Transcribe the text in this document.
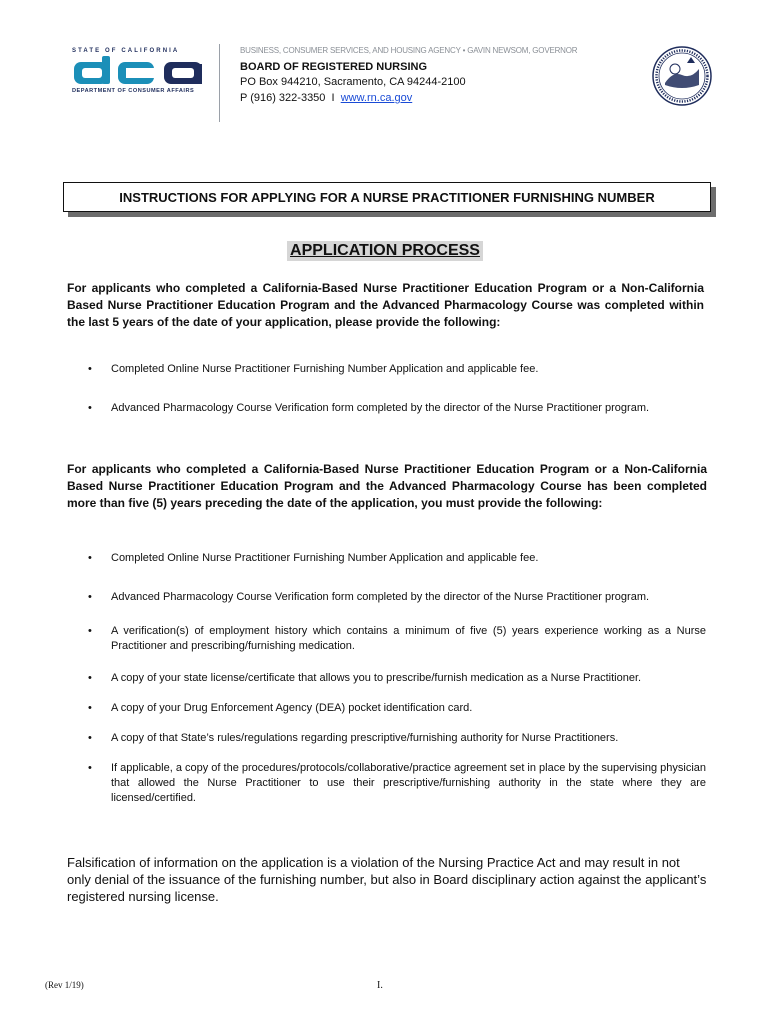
STATE OF CALIFORNIA
DEPARTMENT OF CONSUMER AFFAIRS
BUSINESS, CONSUMER SERVICES, AND HOUSING AGENCY • GAVIN NEWSOM, GOVERNOR
BOARD OF REGISTERED NURSING
PO Box 944210, Sacramento, CA 94244-2100
P (916) 322-3350  I  www.rn.ca.gov
INSTRUCTIONS FOR APPLYING FOR A NURSE PRACTITIONER FURNISHING NUMBER
APPLICATION PROCESS
For applicants who completed a California-Based Nurse Practitioner Education Program or a Non-California Based Nurse Practitioner Education Program and the Advanced Pharmacology Course was completed within the last 5 years of the date of your application, please provide the following:
• Completed Online Nurse Practitioner Furnishing Number Application and applicable fee.
• Advanced Pharmacology Course Verification form completed by the director of the Nurse Practitioner program.
For applicants who completed a California-Based Nurse Practitioner Education Program or a Non-California Based Nurse Practitioner Education Program and the Advanced Pharmacology Course has been completed more than five (5) years preceding the date of the application, you must provide the following:
• Completed Online Nurse Practitioner Furnishing Number Application and applicable fee.
• Advanced Pharmacology Course Verification form completed by the director of the Nurse Practitioner program.
• A verification(s) of employment history which contains a minimum of five (5) years experience working as a Nurse Practitioner and prescribing/furnishing medication.
• A copy of your state license/certificate that allows you to prescribe/furnish medication as a Nurse Practitioner.
• A copy of your Drug Enforcement Agency (DEA) pocket identification card.
• A copy of that State’s rules/regulations regarding prescriptive/furnishing authority for Nurse Practitioners.
• If applicable, a copy of the procedures/protocols/collaborative/practice agreement set in place by the supervising physician that allowed the Nurse Practitioner to use their prescriptive/furnishing authority in the state where they are licensed/certified.
Falsification of information on the application is a violation of the Nursing Practice Act and may result in not only denial of the issuance of the furnishing number, but also in Board disciplinary action against the applicant’s registered nursing license.
(Rev 1/19)	I.
